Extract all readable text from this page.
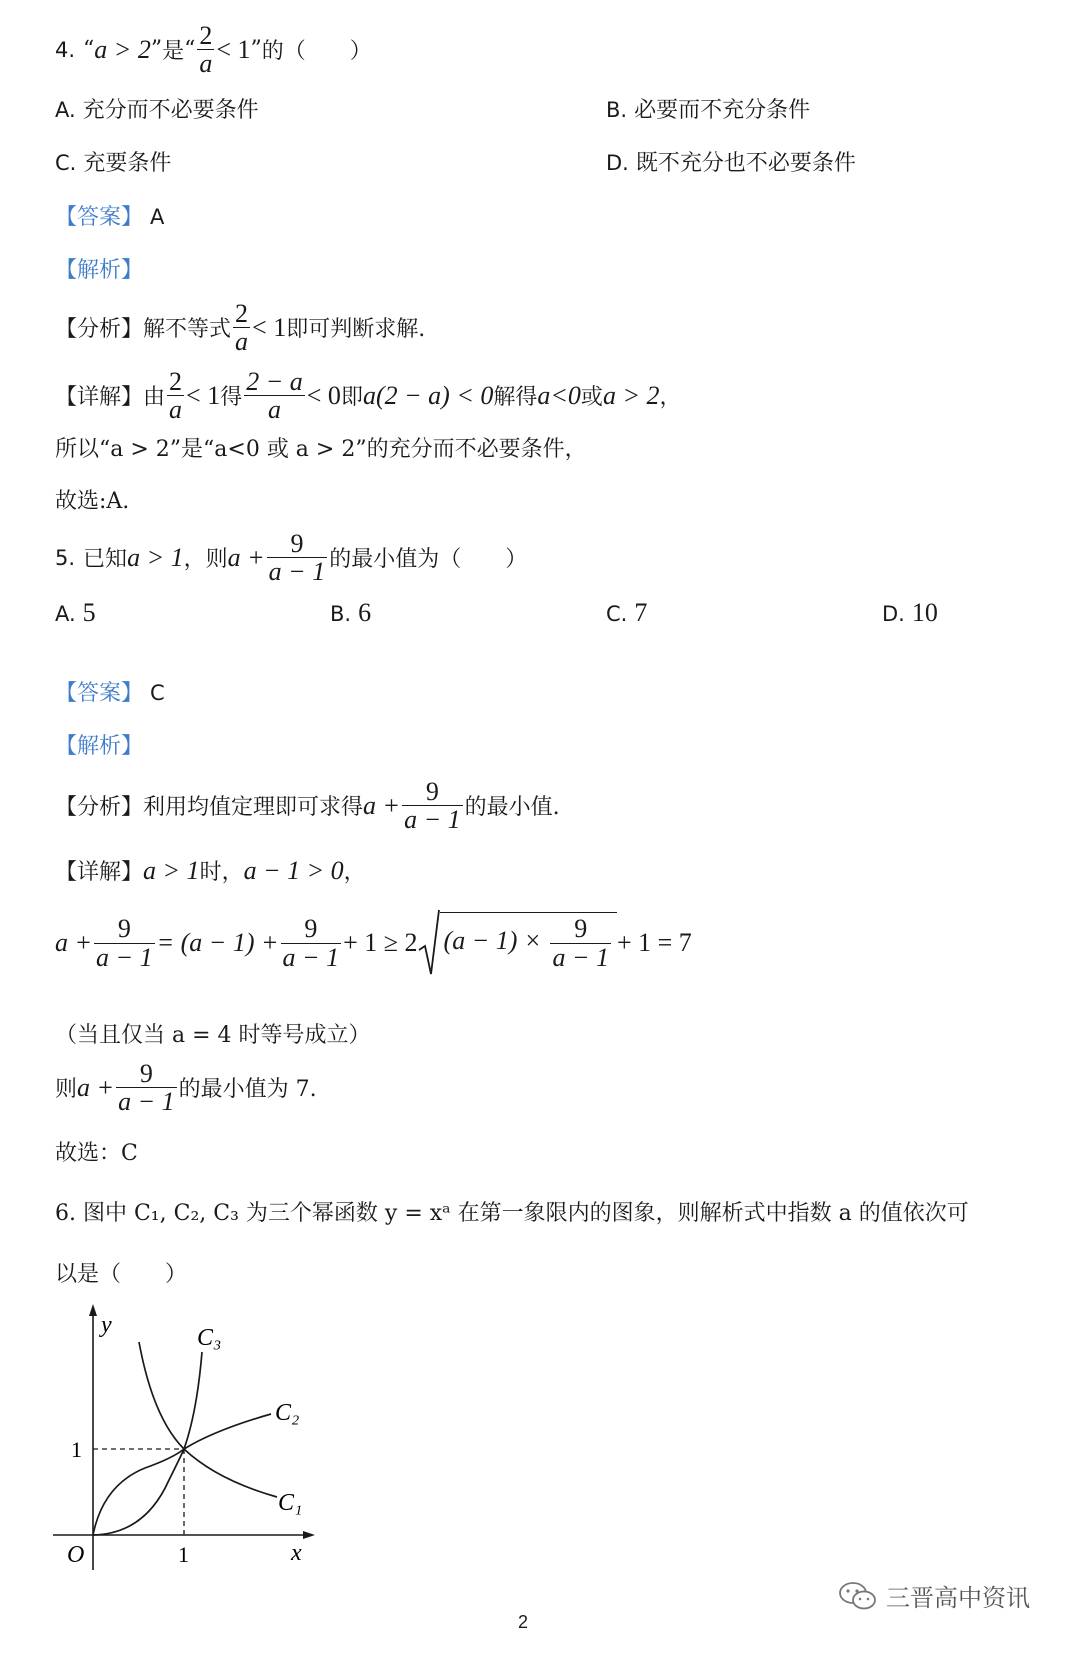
4. “ a > 2 ” 是 “ $\frac{2}{a} < 1$ ” 的（　　）
A. 充分而不必要条件	B. 必要而不充分条件
C. 充要条件	D. 既不充分也不必要条件
【答案】 A
【解析】
【分析】 解不等式 $\frac{2}{a} < 1$ 即可判断求解.
【详解】 由 $\frac{2}{a} < 1$ 得 $\frac{2 - a}{a} < 0$ 即 a(2 − a) < 0 解得 a<0 或 a > 2 ，
所以“a > 2”是“a<0 或 a > 2”的充分而不必要条件，
故选:A.
5. 已知 a > 1 ，则 $a + \frac{9}{a - 1}$ 的最小值为（　　）
A. 5	B. 6	C. 7	D. 10
【答案】 C
【解析】
【分析】 利用均值定理即可求得 $a + \frac{9}{a - 1}$ 的最小值.
【详解】 a > 1 时， a − 1 > 0 ，
$a + \frac{9}{a - 1} = (a - 1) + \frac{9}{a - 1} + 1 \ge 2$	$(a - 1) \times \frac{9}{a - 1} + 1 = 7$
（当且仅当 a = 4 时等号成立）
则 $a + \frac{9}{a - 1}$ 的最小值为 7.
故选：C
6. 图中 C₁, C₂, C₃ 为三个幂函数 y = xᵃ 在第一象限内的图象，则解析式中指数 a 的值依次可
以是（　　）
y
x
O	1
1
C₃
C₂
C₁
2
三晋高中资讯
